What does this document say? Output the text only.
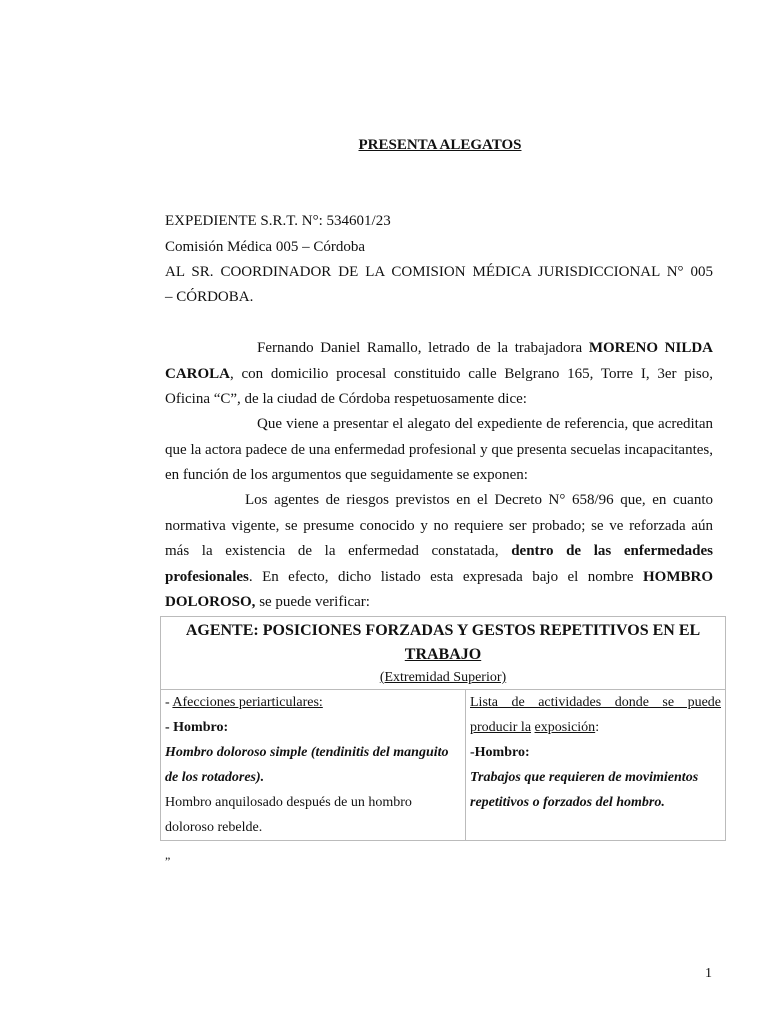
PRESENTA ALEGATOS
EXPEDIENTE S.R.T. N°: 534601/23
Comisión Médica 005 – Córdoba
AL SR. COORDINADOR DE LA COMISION MÉDICA JURISDICCIONAL N° 005
– CÓRDOBA.

Fernando Daniel Ramallo, letrado de la trabajadora MORENO NILDA CAROLA, con domicilio procesal constituido calle Belgrano 165, Torre I, 3er piso, Oficina “C”, de la ciudad de Córdoba respetuosamente dice:

Que viene a presentar el alegato del expediente de referencia, que acreditan que la actora padece de una enfermedad profesional y que presenta secuelas incapacitantes, en función de los argumentos que seguidamente se exponen:

Los agentes de riesgos previstos en el Decreto N° 658/96 que, en cuanto normativa vigente, se presume conocido y no requiere ser probado; se ve reforzada aún más la existencia de la enfermedad constatada, dentro de las enfermedades profesionales. En efecto, dicho listado esta expresada bajo el nombre HOMBRO DOLOROSO, se puede verificar:

AGENTE: POSICIONES FORZADAS Y GESTOS REPETITIVOS EN EL
TRABAJO
(Extremidad Superior)

- Afecciones periarticulares:
- Hombro:
Hombro doloroso simple (tendinitis del manguito de los rotadores).
Hombro anquilosado después de un hombro doloroso rebelde.

Lista de actividades donde se puede producir la exposición:
-Hombro:
Trabajos que requieren de movimientos repetitivos o forzados del hombro.
”
1
